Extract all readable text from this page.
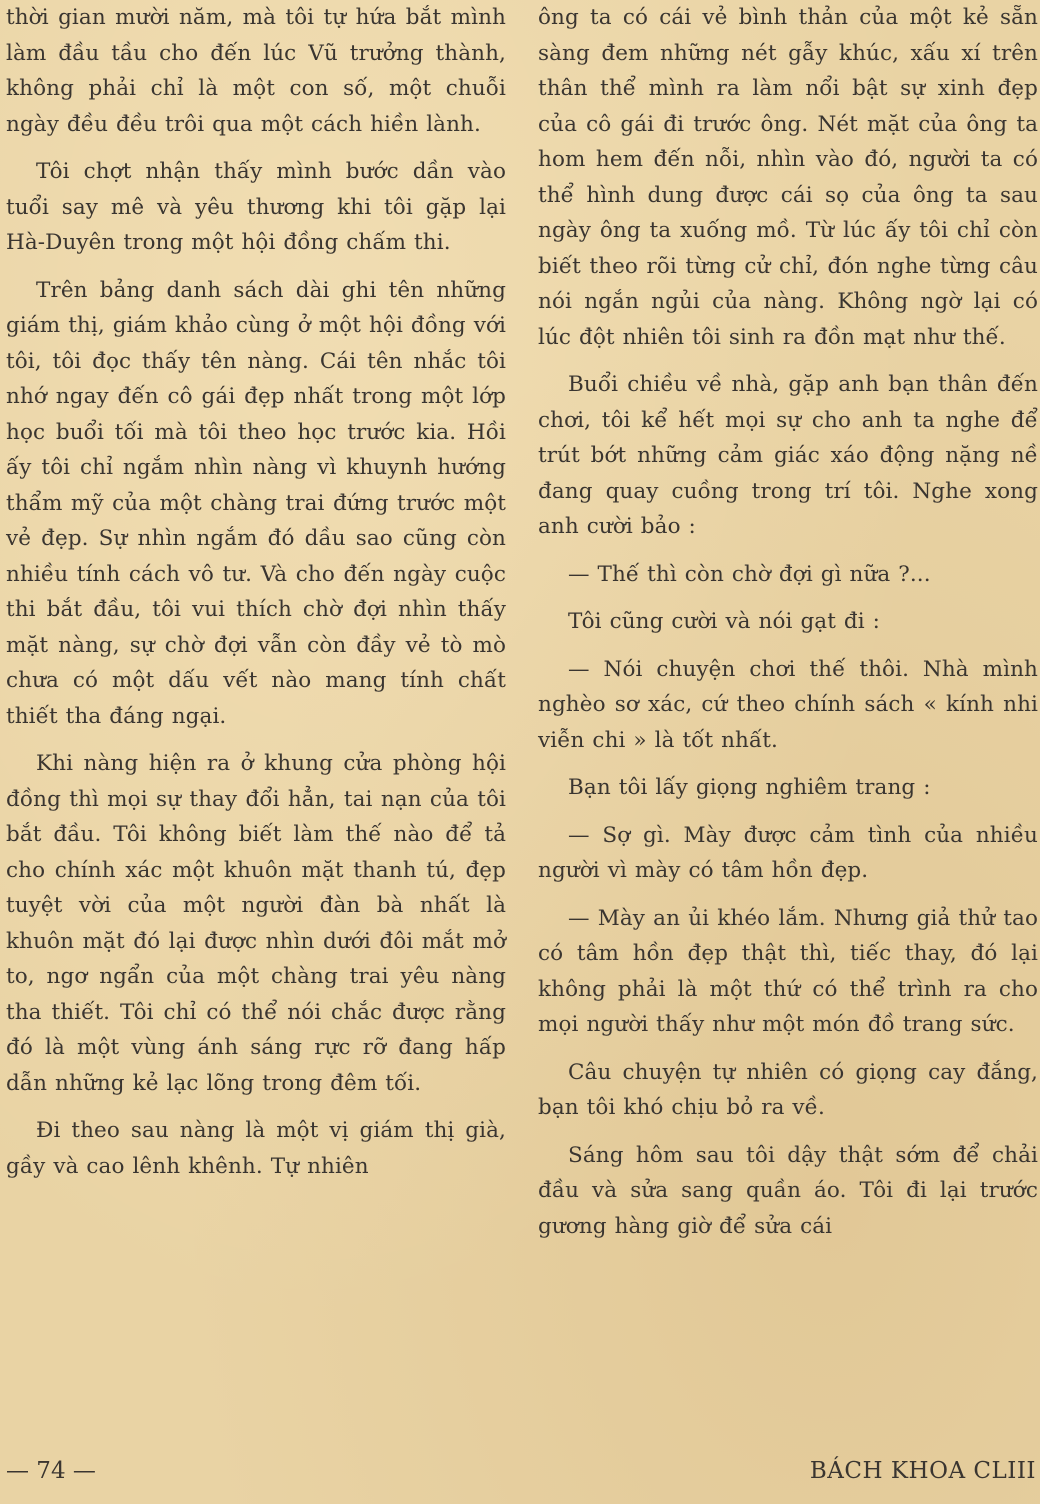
thời gian mười năm, mà tôi tự hứa bắt mình làm đầu tầu cho đến lúc Vũ trưởng thành, không phải chỉ là một con số, một chuỗi ngày đều đều trôi qua một cách hiền lành.

Tôi chợt nhận thấy mình bước dần vào tuổi say mê và yêu thương khi tôi gặp lại Hà-Duyên trong một hội đồng chấm thi.

Trên bảng danh sách dài ghi tên những giám thị, giám khảo cùng ở một hội đồng với tôi, tôi đọc thấy tên nàng. Cái tên nhắc tôi nhớ ngay đến cô gái đẹp nhất trong một lớp học buổi tối mà tôi theo học trước kia. Hồi ấy tôi chỉ ngắm nhìn nàng vì khuynh hướng thẩm mỹ của một chàng trai đứng trước một vẻ đẹp. Sự nhìn ngắm đó dầu sao cũng còn nhiều tính cách vô tư. Và cho đến ngày cuộc thi bắt đầu, tôi vui thích chờ đợi nhìn thấy mặt nàng, sự chờ đợi vẫn còn đầy vẻ tò mò chưa có một dấu vết nào mang tính chất thiết tha đáng ngại.

Khi nàng hiện ra ở khung cửa phòng hội đồng thì mọi sự thay đổi hẳn, tai nạn của tôi bắt đầu. Tôi không biết làm thế nào để tả cho chính xác một khuôn mặt thanh tú, đẹp tuyệt vời của một người đàn bà nhất là khuôn mặt đó lại được nhìn dưới đôi mắt mở to, ngơ ngẩn của một chàng trai yêu nàng tha thiết. Tôi chỉ có thể nói chắc được rằng đó là một vùng ánh sáng rực rỡ đang hấp dẫn những kẻ lạc lõng trong đêm tối.

Đi theo sau nàng là một vị giám thị già, gầy và cao lênh khênh. Tự nhiên

ông ta có cái vẻ bình thản của một kẻ sẵn sàng đem những nét gẫy khúc, xấu xí trên thân thể mình ra làm nổi bật sự xinh đẹp của cô gái đi trước ông. Nét mặt của ông ta hom hem đến nỗi, nhìn vào đó, người ta có thể hình dung được cái sọ của ông ta sau ngày ông ta xuống mồ. Từ lúc ấy tôi chỉ còn biết theo rõi từng cử chỉ, đón nghe từng câu nói ngắn ngủi của nàng. Không ngờ lại có lúc đột nhiên tôi sinh ra đồn mạt như thế.

Buổi chiều về nhà, gặp anh bạn thân đến chơi, tôi kể hết mọi sự cho anh ta nghe để trút bớt những cảm giác xáo động nặng nề đang quay cuồng trong trí tôi. Nghe xong anh cười bảo :

— Thế thì còn chờ đợi gì nữa ?...

Tôi cũng cười và nói gạt đi :

— Nói chuyện chơi thế thôi. Nhà mình nghèo sơ xác, cứ theo chính sách « kính nhi viễn chi » là tốt nhất.

Bạn tôi lấy giọng nghiêm trang :

— Sợ gì. Mày được cảm tình của nhiều người vì mày có tâm hồn đẹp.

— Mày an ủi khéo lắm. Nhưng giả thử tao có tâm hồn đẹp thật thì, tiếc thay, đó lại không phải là một thứ có thể trình ra cho mọi người thấy như một món đồ trang sức.

Câu chuyện tự nhiên có giọng cay đắng, bạn tôi khó chịu bỏ ra về.

Sáng hôm sau tôi dậy thật sớm để chải đầu và sửa sang quần áo. Tôi đi lại trước gương hàng giờ để sửa cái

— 74 —	BÁCH KHOA CLIII
